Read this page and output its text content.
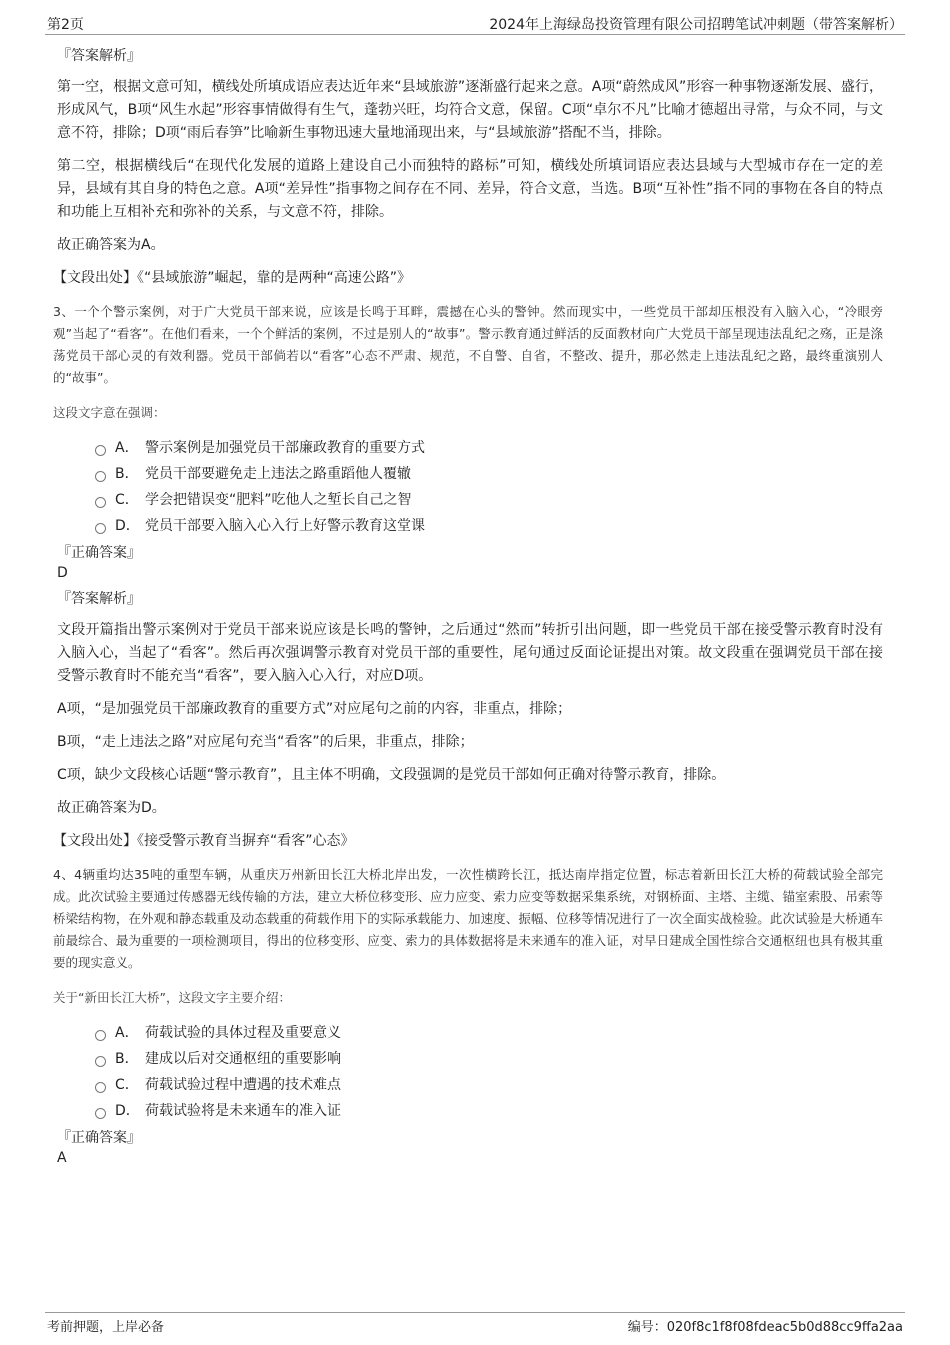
第2页	2024年上海绿岛投资管理有限公司招聘笔试冲刺题（带答案解析）
『答案解析』

第一空，根据文意可知，横线处所填成语应表达近年来“县域旅游”逐渐盛行起来之意。A项“蔚然成风”形容一种事物逐渐发展、盛行，形成风气，B项“风生水起”形容事情做得有生气，蓬勃兴旺，均符合文意，保留。C项“卓尔不凡”比喻才德超出寻常，与众不同，与文意不符，排除；D项“雨后春笋”比喻新生事物迅速大量地涌现出来，与“县域旅游”搭配不当，排除。

第二空，根据横线后“在现代化发展的道路上建设自己小而独特的路标”可知，横线处所填词语应表达县域与大型城市存在一定的差异，县域有其自身的特色之意。A项“差异性”指事物之间存在不同、差异，符合文意，当选。B项“互补性”指不同的事物在各自的特点和功能上互相补充和弥补的关系，与文意不符，排除。

故正确答案为A。

【文段出处】《“县域旅游”崛起，靠的是两种“高速公路”》
3、一个个警示案例，对于广大党员干部来说，应该是长鸣于耳畔，震撼在心头的警钟。然而现实中，一些党员干部却压根没有入脑入心，“冷眼旁观”当起了“看客”。在他们看来，一个个鲜活的案例，不过是别人的“故事”。警示教育通过鲜活的反面教材向广大党员干部呈现违法乱纪之殇，正是涤荡党员干部心灵的有效利器。党员干部倘若以“看客”心态不严肃、规范，不自警、自省，不整改、提升，那必然走上违法乱纪之路，最终重演别人的“故事”。
这段文字意在强调：
A． 警示案例是加强党员干部廉政教育的重要方式
B． 党员干部要避免走上违法之路重蹈他人覆辙
C． 学会把错误变“肥料”吃他人之堑长自己之智
D． 党员干部要入脑入心入行上好警示教育这堂课
『正确答案』
D
『答案解析』

文段开篇指出警示案例对于党员干部来说应该是长鸣的警钟，之后通过“然而”转折引出问题，即一些党员干部在接受警示教育时没有入脑入心，当起了“看客”。然后再次强调警示教育对党员干部的重要性，尾句通过反面论证提出对策。故文段重在强调党员干部在接受警示教育时不能充当“看客”，要入脑入心入行，对应D项。

A项，“是加强党员干部廉政教育的重要方式”对应尾句之前的内容，非重点，排除；

B项，“走上违法之路”对应尾句充当“看客”的后果，非重点，排除；

C项，缺少文段核心话题“警示教育”，且主体不明确，文段强调的是党员干部如何正确对待警示教育，排除。

故正确答案为D。

【文段出处】《接受警示教育当摒弃“看客”心态》
4、4辆重均达35吨的重型车辆，从重庆万州新田长江大桥北岸出发，一次性横跨长江，抵达南岸指定位置，标志着新田长江大桥的荷载试验全部完成。此次试验主要通过传感器无线传输的方法，建立大桥位移变形、应力应变、索力应变等数据采集系统，对钢桥面、主塔、主缆、锚室索股、吊索等桥梁结构物，在外观和静态载重及动态载重的荷载作用下的实际承载能力、加速度、振幅、位移等情况进行了一次全面实战检验。此次试验是大桥通车前最综合、最为重要的一项检测项目，得出的位移变形、应变、索力的具体数据将是未来通车的准入证，对早日建成全国性综合交通枢纽也具有极其重要的现实意义。
关于“新田长江大桥”，这段文字主要介绍：
A． 荷载试验的具体过程及重要意义
B． 建成以后对交通枢纽的重要影响
C． 荷载试验过程中遭遇的技术难点
D． 荷载试验将是未来通车的准入证
『正确答案』
A
考前押题，上岸必备	编号：020f8c1f8f08fdeac5b0d88cc9ffa2aa
